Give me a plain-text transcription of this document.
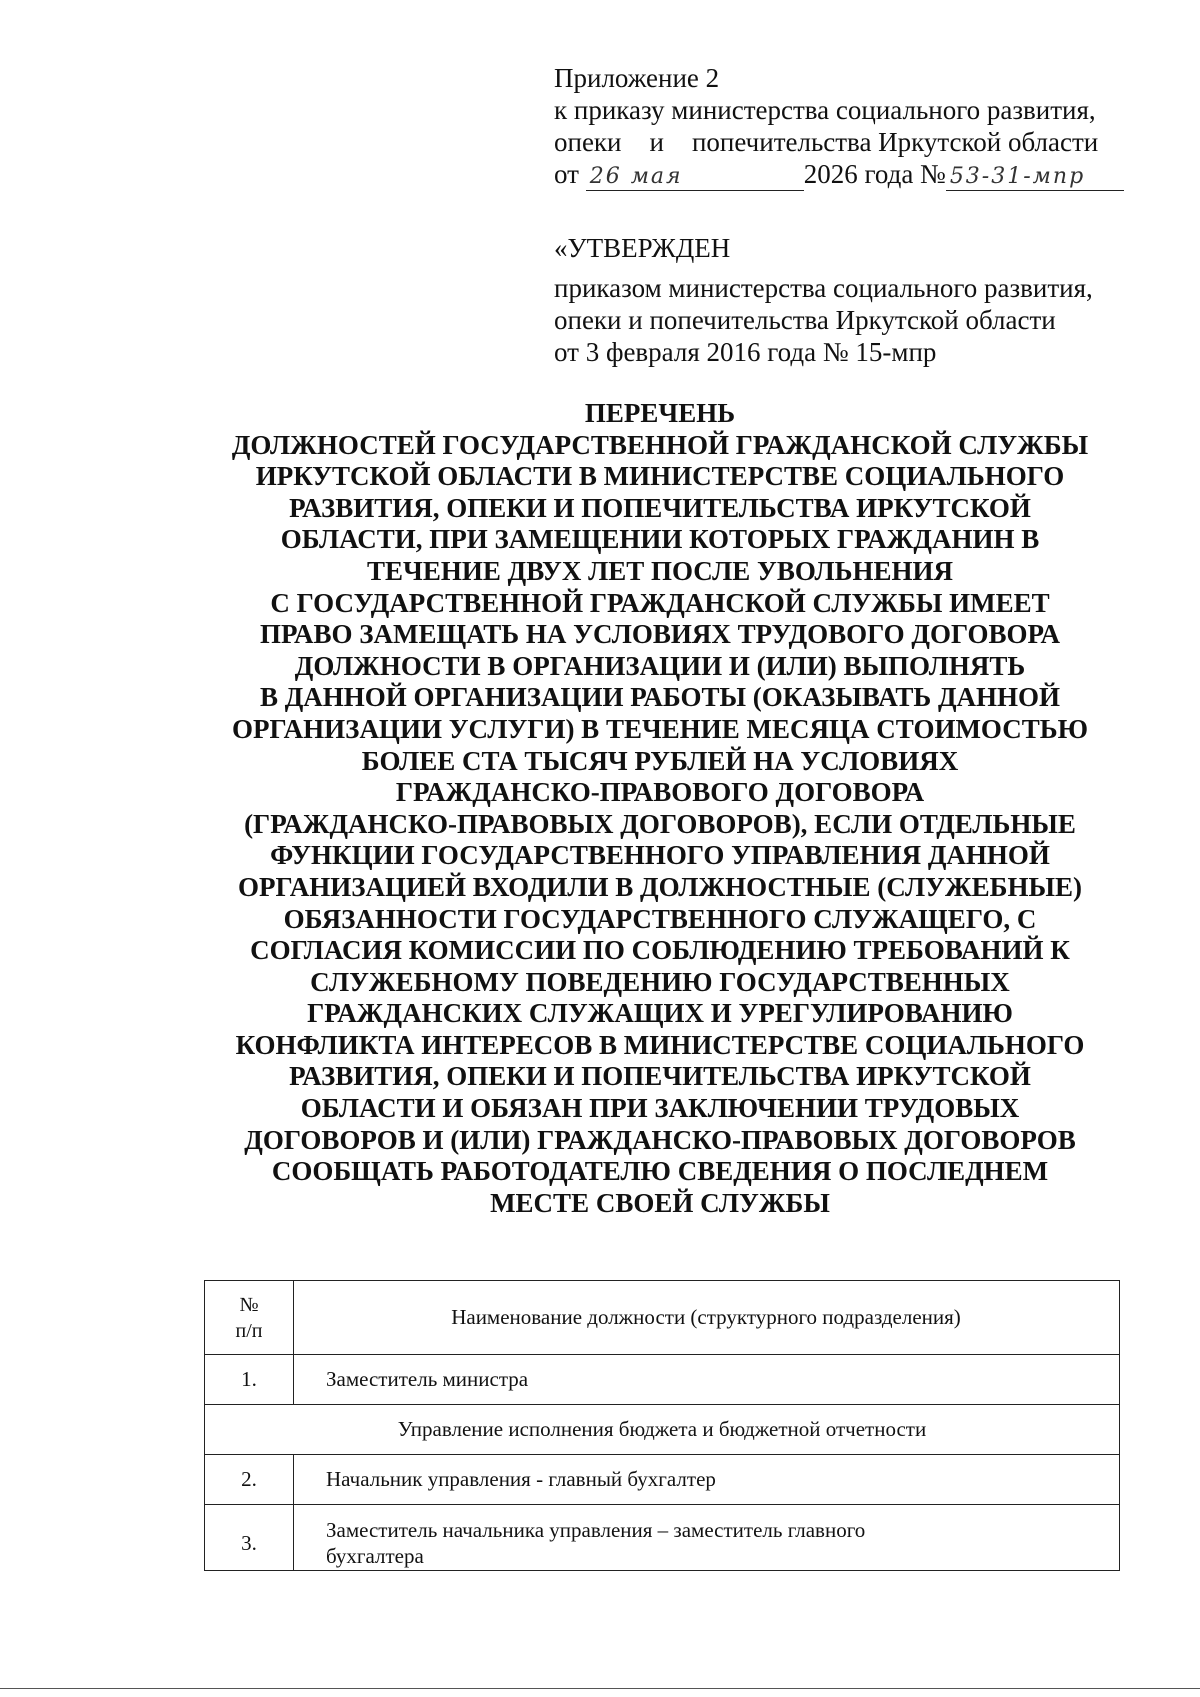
Приложение 2
к приказу министерства социального развития,
опеки и попечительства Иркутской области
от 26 мая	2026 года № 53-31-мпр
«УТВЕРЖДЕН
приказом министерства социального развития,
опеки и попечительства Иркутской области
от 3 февраля 2016 года № 15-мпр
ПЕРЕЧЕНЬ
ДОЛЖНОСТЕЙ ГОСУДАРСТВЕННОЙ ГРАЖДАНСКОЙ СЛУЖБЫ
ИРКУТСКОЙ ОБЛАСТИ В МИНИСТЕРСТВЕ СОЦИАЛЬНОГО
РАЗВИТИЯ, ОПЕКИ И ПОПЕЧИТЕЛЬСТВА ИРКУТСКОЙ
ОБЛАСТИ, ПРИ ЗАМЕЩЕНИИ КОТОРЫХ ГРАЖДАНИН В
ТЕЧЕНИЕ ДВУХ ЛЕТ ПОСЛЕ УВОЛЬНЕНИЯ
С ГОСУДАРСТВЕННОЙ ГРАЖДАНСКОЙ СЛУЖБЫ ИМЕЕТ
ПРАВО ЗАМЕЩАТЬ НА УСЛОВИЯХ ТРУДОВОГО ДОГОВОРА
ДОЛЖНОСТИ В ОРГАНИЗАЦИИ И (ИЛИ) ВЫПОЛНЯТЬ
В ДАННОЙ ОРГАНИЗАЦИИ РАБОТЫ (ОКАЗЫВАТЬ ДАННОЙ
ОРГАНИЗАЦИИ УСЛУГИ) В ТЕЧЕНИЕ МЕСЯЦА СТОИМОСТЬЮ
БОЛЕЕ СТА ТЫСЯЧ РУБЛЕЙ НА УСЛОВИЯХ
ГРАЖДАНСКО-ПРАВОВОГО ДОГОВОРА
(ГРАЖДАНСКО-ПРАВОВЫХ ДОГОВОРОВ), ЕСЛИ ОТДЕЛЬНЫЕ
ФУНКЦИИ ГОСУДАРСТВЕННОГО УПРАВЛЕНИЯ ДАННОЙ
ОРГАНИЗАЦИЕЙ ВХОДИЛИ В ДОЛЖНОСТНЫЕ (СЛУЖЕБНЫЕ)
ОБЯЗАННОСТИ ГОСУДАРСТВЕННОГО СЛУЖАЩЕГО, С
СОГЛАСИЯ КОМИССИИ ПО СОБЛЮДЕНИЮ ТРЕБОВАНИЙ К
СЛУЖЕБНОМУ ПОВЕДЕНИЮ ГОСУДАРСТВЕННЫХ
ГРАЖДАНСКИХ СЛУЖАЩИХ И УРЕГУЛИРОВАНИЮ
КОНФЛИКТА ИНТЕРЕСОВ В МИНИСТЕРСТВЕ СОЦИАЛЬНОГО
РАЗВИТИЯ, ОПЕКИ И ПОПЕЧИТЕЛЬСТВА ИРКУТСКОЙ
ОБЛАСТИ И ОБЯЗАН ПРИ ЗАКЛЮЧЕНИИ ТРУДОВЫХ
ДОГОВОРОВ И (ИЛИ) ГРАЖДАНСКО-ПРАВОВЫХ ДОГОВОРОВ
СООБЩАТЬ РАБОТОДАТЕЛЮ СВЕДЕНИЯ О ПОСЛЕДНЕМ
МЕСТЕ СВОЕЙ СЛУЖБЫ
№
п/п	Наименование должности (структурного подразделения)
1.	Заместитель министра
Управление исполнения бюджета и бюджетной отчетности	
2.	Начальник управления - главный бухгалтер
3.	Заместитель начальника управления – заместитель главного
бухгалтера
